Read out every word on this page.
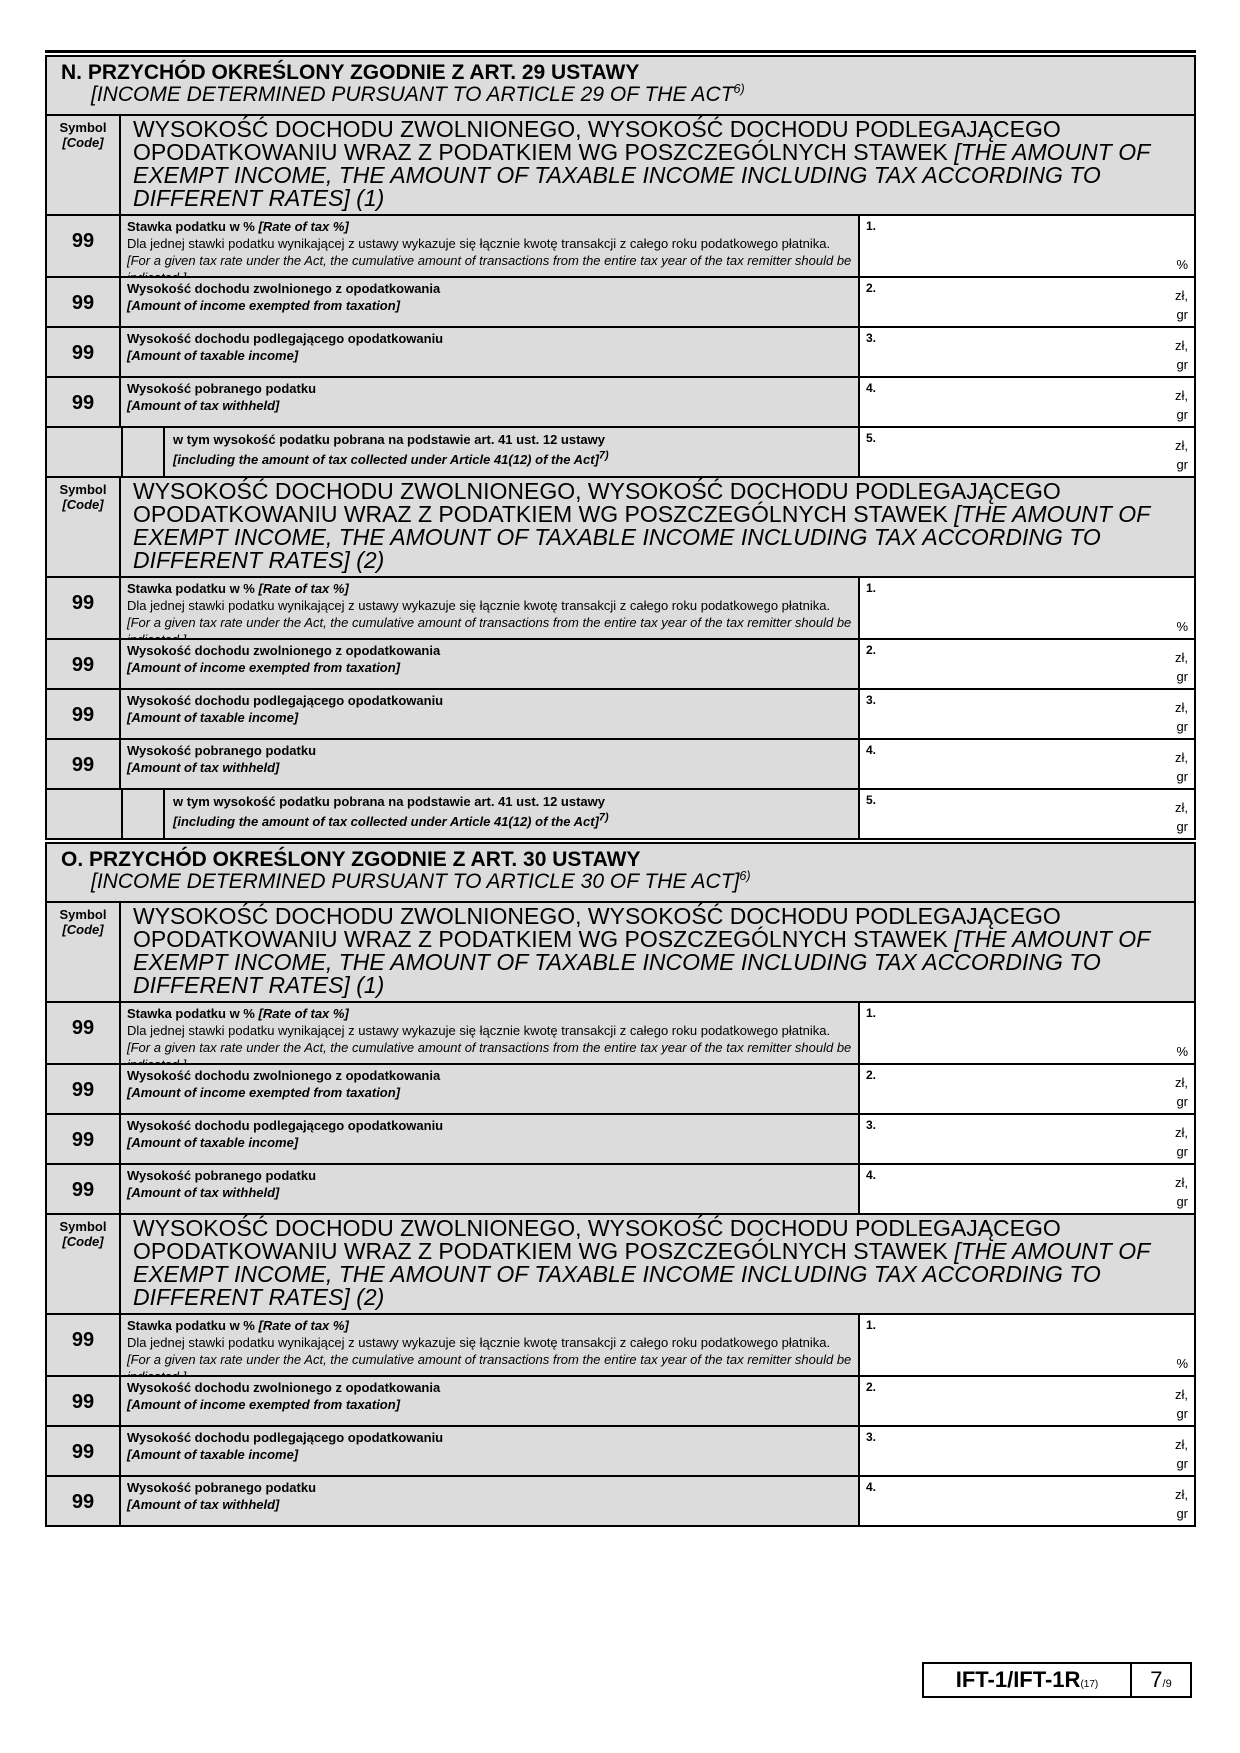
N. PRZYCHÓD OKREŚLONY ZGODNIE Z ART. 29 USTAWY
[INCOME DETERMINED PURSUANT TO ARTICLE 29 OF THE ACT$^{6)}$
Symbol
[Code]
WYSOKOŚĆ DOCHODU ZWOLNIONEGO, WYSOKOŚĆ DOCHODU PODLEGAJĄCEGO OPODATKOWANIU WRAZ Z PODATKIEM WG POSZCZEGÓLNYCH STAWEK [THE AMOUNT OF EXEMPT INCOME, THE AMOUNT OF TAXABLE INCOME INCLUDING TAX ACCORDING TO DIFFERENT RATES] (1)
99
Stawka podatku w % [Rate of tax %]
Dla jednej stawki podatku wynikającej z ustawy wykazuje się łącznie kwotę transakcji z całego roku podatkowego płatnika. [For a given tax rate under the Act, the cumulative amount of transactions from the entire tax year of the tax remitter should be
1.
%
99
Wysokość dochodu zwolnionego z opodatkowania
[Amount of income exempted from taxation]
2.	zł,
gr
99
Wysokość dochodu podlegającego opodatkowaniu
[Amount of taxable income]
3.	zł,
gr
99
Wysokość pobranego podatku
[Amount of tax withheld]
4.	zł,
gr
w tym wysokość podatku pobrana na podstawie art. 41 ust. 12 ustawy
[including the amount of tax collected under Article 41(12) of the Act]$^{7)}$
5.	zł,
gr
Symbol
[Code]
WYSOKOŚĆ DOCHODU ZWOLNIONEGO, WYSOKOŚĆ DOCHODU PODLEGAJĄCEGO OPODATKOWANIU WRAZ Z PODATKIEM WG POSZCZEGÓLNYCH STAWEK [THE AMOUNT OF EXEMPT INCOME, THE AMOUNT OF TAXABLE INCOME INCLUDING TAX ACCORDING TO DIFFERENT RATES] (2)
99
Stawka podatku w % [Rate of tax %]
Dla jednej stawki podatku wynikającej z ustawy wykazuje się łącznie kwotę transakcji z całego roku podatkowego płatnika. [For a given tax rate under the Act, the cumulative amount of transactions from the entire tax year of the tax remitter should be
1.
%
99
Wysokość dochodu zwolnionego z opodatkowania
[Amount of income exempted from taxation]
2.	zł,
gr
99
Wysokość dochodu podlegającego opodatkowaniu
[Amount of taxable income]
3.	zł,
gr
99
Wysokość pobranego podatku
[Amount of tax withheld]
4.	zł,
gr
w tym wysokość podatku pobrana na podstawie art. 41 ust. 12 ustawy
[including the amount of tax collected under Article 41(12) of the Act]$^{7)}$
5.	zł,
gr
O. PRZYCHÓD OKREŚLONY ZGODNIE Z ART. 30 USTAWY
[INCOME DETERMINED PURSUANT TO ARTICLE 30 OF THE ACT]$^{6)}$
Symbol
[Code]
WYSOKOŚĆ DOCHODU ZWOLNIONEGO, WYSOKOŚĆ DOCHODU PODLEGAJĄCEGO OPODATKOWANIU WRAZ Z PODATKIEM WG POSZCZEGÓLNYCH STAWEK [THE AMOUNT OF EXEMPT INCOME, THE AMOUNT OF TAXABLE INCOME INCLUDING TAX ACCORDING TO DIFFERENT RATES] (1)
99
Stawka podatku w % [Rate of tax %]
Dla jednej stawki podatku wynikającej z ustawy wykazuje się łącznie kwotę transakcji z całego roku podatkowego płatnika. [For a given tax rate under the Act, the cumulative amount of transactions from the entire tax year of the tax remitter should be
1.
%
99
Wysokość dochodu zwolnionego z opodatkowania
[Amount of income exempted from taxation]
2.	zł,
gr
99
Wysokość dochodu podlegającego opodatkowaniu
[Amount of taxable income]
3.	zł,
gr
99
Wysokość pobranego podatku
[Amount of tax withheld]
4.	zł,
gr
Symbol
[Code]
WYSOKOŚĆ DOCHODU ZWOLNIONEGO, WYSOKOŚĆ DOCHODU PODLEGAJĄCEGO OPODATKOWANIU WRAZ Z PODATKIEM WG POSZCZEGÓLNYCH STAWEK [THE AMOUNT OF EXEMPT INCOME, THE AMOUNT OF TAXABLE INCOME INCLUDING TAX ACCORDING TO DIFFERENT RATES] (2)
99
Stawka podatku w % [Rate of tax %]
Dla jednej stawki podatku wynikającej z ustawy wykazuje się łącznie kwotę transakcji z całego roku podatkowego płatnika. [For a given tax rate under the Act, the cumulative amount of transactions from the entire tax year of the tax remitter should be
1.
%
99
Wysokość dochodu zwolnionego z opodatkowania
[Amount of income exempted from taxation]
2.	zł,
gr
99
Wysokość dochodu podlegającego opodatkowaniu
[Amount of taxable income]
3.	zł,
gr
99
Wysokość pobranego podatku
[Amount of tax withheld]
4.	zł,
gr
IFT-1/IFT-1R(17)	7/9
